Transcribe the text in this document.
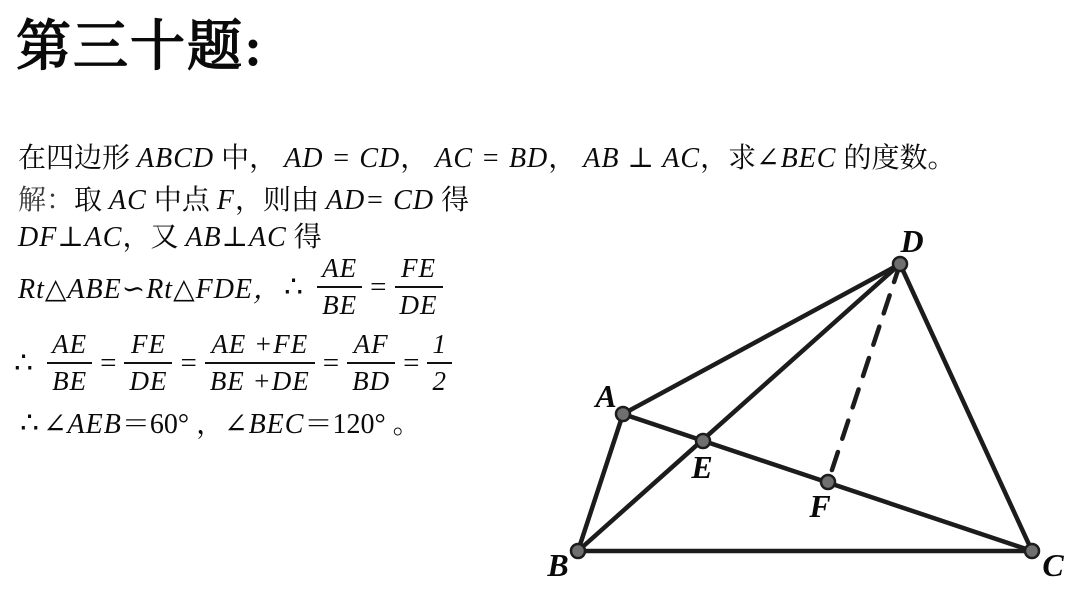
第三十题:
在四边形 ABCD 中， AD = CD， AC = BD， AB ⊥ AC，求∠BEC 的度数。
解：取 AC 中点 F，则由 AD= CD 得
DF⊥AC，又 AB⊥AC 得
Rt△ABE∽Rt△FDE， ∴ $\frac{AE}{BE} = \frac{FE}{DE}$
∴ $\frac{AE}{BE} = \frac{FE}{DE} = \frac{AE +FE}{BE +DE} = \frac{AF}{BD} = \frac{1}{2}$
∴ ∠AEB＝60° ，∠BEC＝120° 。
A
B	C
D
E
F
